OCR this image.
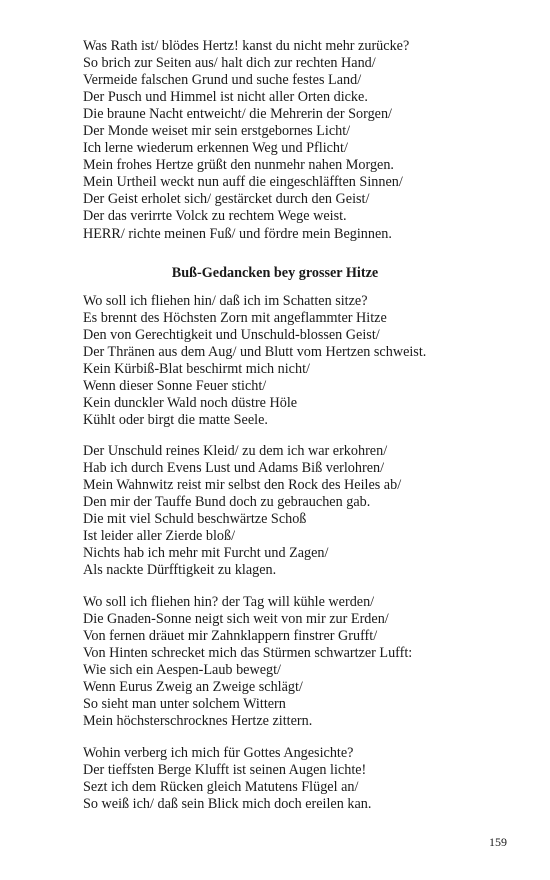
Was Rath ist/ blödes Hertz! kanst du nicht mehr zurücke?
So brich zur Seiten aus/ halt dich zur rechten Hand/
Vermeide falschen Grund und suche festes Land/
Der Pusch und Himmel ist nicht aller Orten dicke.
Die braune Nacht entweicht/ die Mehrerin der Sorgen/
Der Monde weiset mir sein erstgebornes Licht/
Ich lerne wiederum erkennen Weg und Pflicht/
Mein frohes Hertze grüßt den nunmehr nahen Morgen.
Mein Urtheil weckt nun auff die eingeschläfften Sinnen/
Der Geist erholet sich/ gestärcket durch den Geist/
Der das verirrte Volck zu rechtem Wege weist.
HERR/ richte meinen Fuß/ und fördre mein Beginnen.
Buß-Gedancken bey grosser Hitze
Wo soll ich fliehen hin/ daß ich im Schatten sitze?
Es brennt des Höchsten Zorn mit angeflammter Hitze
Den von Gerechtigkeit und Unschuld-blossen Geist/
Der Thränen aus dem Aug/ und Blutt vom Hertzen schweist.
Kein Kürbiß-Blat beschirmt mich nicht/
Wenn dieser Sonne Feuer sticht/
Kein dunckler Wald noch düstre Höle
Kühlt oder birgt die matte Seele.
Der Unschuld reines Kleid/ zu dem ich war erkohren/
Hab ich durch Evens Lust und Adams Biß verlohren/
Mein Wahnwitz reist mir selbst den Rock des Heiles ab/
Den mir der Tauffe Bund doch zu gebrauchen gab.
Die mit viel Schuld beschwärtze Schoß
Ist leider aller Zierde bloß/
Nichts hab ich mehr mit Furcht und Zagen/
Als nackte Dürfftigkeit zu klagen.
Wo soll ich fliehen hin? der Tag will kühle werden/
Die Gnaden-Sonne neigt sich weit von mir zur Erden/
Von fernen dräuet mir Zahnklappern finstrer Grufft/
Von Hinten schrecket mich das Stürmen schwartzer Lufft:
Wie sich ein Aespen-Laub bewegt/
Wenn Eurus Zweig an Zweige schlägt/
So sieht man unter solchem Wittern
Mein höchsterschrocknes Hertze zittern.
Wohin verberg ich mich für Gottes Angesichte?
Der tieffsten Berge Klufft ist seinen Augen lichte!
Sezt ich dem Rücken gleich Matutens Flügel an/
So weiß ich/ daß sein Blick mich doch ereilen kan.
159
